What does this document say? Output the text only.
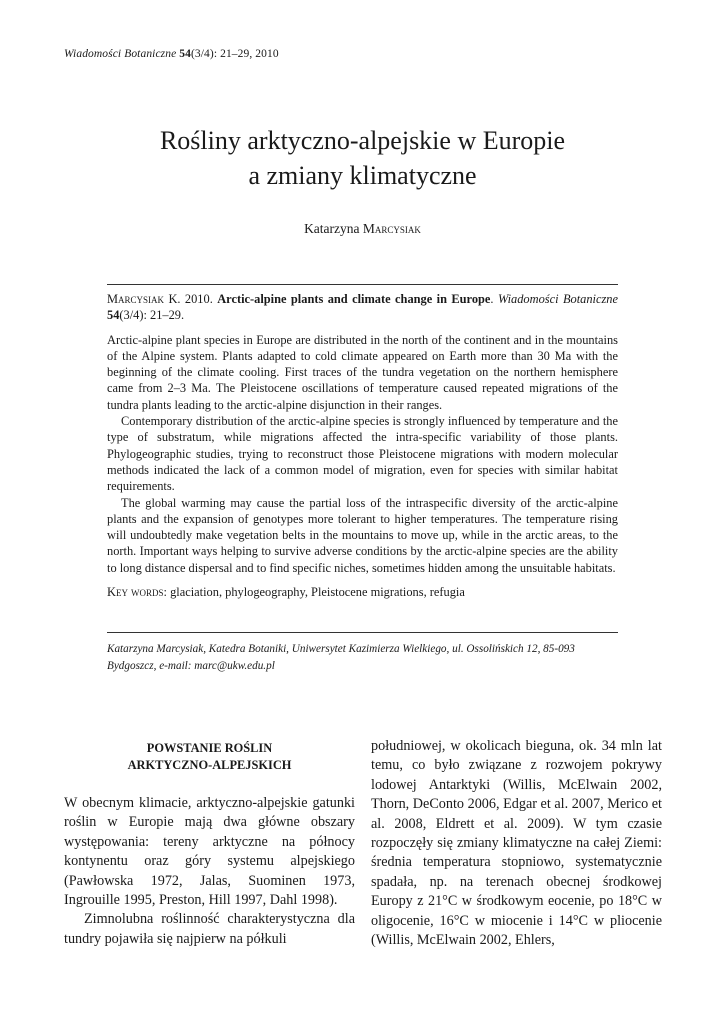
Wiadomości Botaniczne 54(3/4): 21–29, 2010
Rośliny arktyczno-alpejskie w Europie
a zmiany klimatyczne
Katarzyna Marcysiak

Marcysiak K. 2010. Arctic-alpine plants and climate change in Europe. Wiadomości Botaniczne 54(3/4): 21–29.

Arctic-alpine plant species in Europe are distributed in the north of the continent and in the mountains of the Alpine system. Plants adapted to cold climate appeared on Earth more than 30 Ma with the beginning of the climate cooling. First traces of the tundra vegetation on the northern hemisphere came from 2–3 Ma. The Pleistocene oscillations of temperature caused repeated migrations of the tundra plants leading to the arctic-alpine disjunction in their ranges.

Contemporary distribution of the arctic-alpine species is strongly influenced by temperature and the type of substratum, while migrations affected the intra-specific variability of those plants. Phylogeographic studies, trying to reconstruct those Pleistocene migrations with modern molecular methods indicated the lack of a common model of migration, even for species with similar habitat requirements.

The global warming may cause the partial loss of the intraspecific diversity of the arctic-alpine plants and the expansion of genotypes more tolerant to higher temperatures. The temperature rising will undoubtedly make vegetation belts in the mountains to move up, while in the arctic areas, to the north. Important ways helping to survive adverse conditions by the arctic-alpine species are the ability to long distance dispersal and to find specific niches, sometimes hidden among the unsuitable habitats.

Key words: glaciation, phylogeography, Pleistocene migrations, refugia

Katarzyna Marcysiak, Katedra Botaniki, Uniwersytet Kazimierza Wielkiego, ul. Ossolińskich 12, 85-093 Bydgoszcz, e-mail: marc@ukw.edu.pl
POWSTANIE ROŚLIN
ARKTYCZNO-ALPEJSKICH

W obecnym klimacie, arktyczno-alpejskie gatunki roślin w Europie mają dwa główne obszary występowania: tereny arktyczne na północy kontynentu oraz góry systemu alpejskiego (Pawłowska 1972, Jalas, Suominen 1973, Ingrouille 1995, Preston, Hill 1997, Dahl 1998).

Zimnolubna roślinność charakterystyczna dla tundry pojawiła się najpierw na półkuli

południowej, w okolicach bieguna, ok. 34 mln lat temu, co było związane z rozwojem pokrywy lodowej Antarktyki (Willis, McElwain 2002, Thorn, DeConto 2006, Edgar et al. 2007, Merico et al. 2008, Eldrett et al. 2009). W tym czasie rozpoczęły się zmiany klimatyczne na całej Ziemi: średnia temperatura stopniowo, systematycznie spadała, np. na terenach obecnej środkowej Europy z 21°C w środkowym eocenie, po 18°C w oligocenie, 16°C w miocenie i 14°C w pliocenie (Willis, McElwain 2002, Ehlers,
